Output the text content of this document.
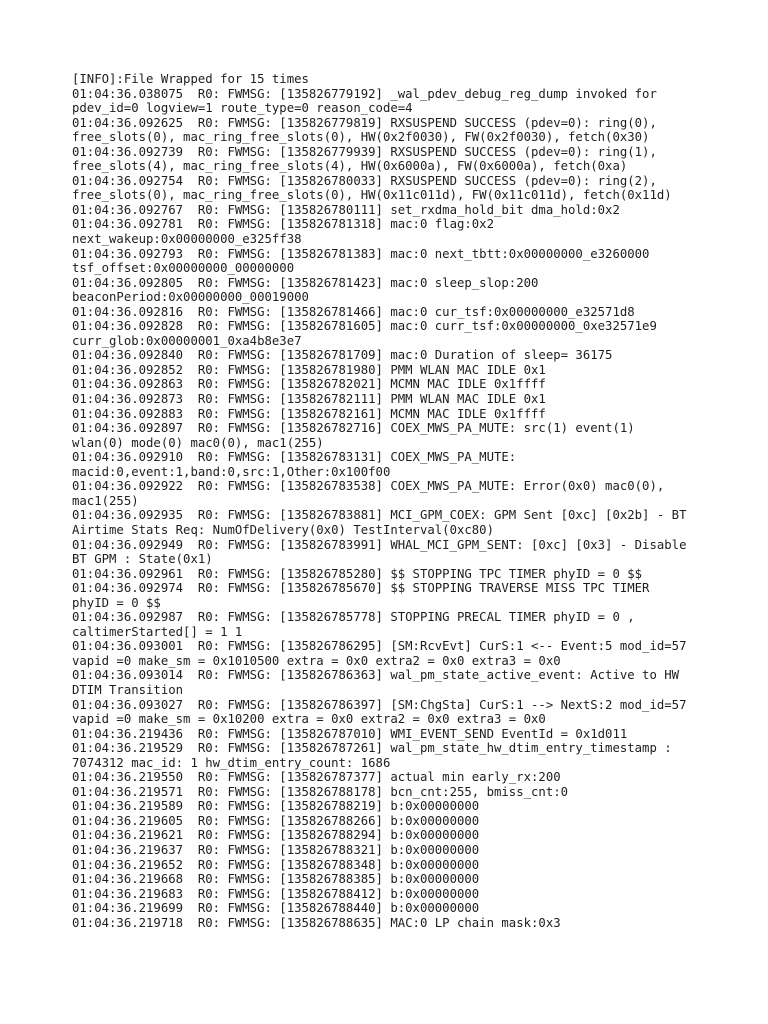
[INFO]:File Wrapped for 15 times
01:04:36.038075  R0: FWMSG: [135826779192] _wal_pdev_debug_reg_dump invoked for
pdev_id=0 logview=1 route_type=0 reason_code=4
01:04:36.092625  R0: FWMSG: [135826779819] RXSUSPEND SUCCESS (pdev=0): ring(0),
free_slots(0), mac_ring_free_slots(0), HW(0x2f0030), FW(0x2f0030), fetch(0x30)
01:04:36.092739  R0: FWMSG: [135826779939] RXSUSPEND SUCCESS (pdev=0): ring(1),
free_slots(4), mac_ring_free_slots(4), HW(0x6000a), FW(0x6000a), fetch(0xa)
01:04:36.092754  R0: FWMSG: [135826780033] RXSUSPEND SUCCESS (pdev=0): ring(2),
free_slots(0), mac_ring_free_slots(0), HW(0x11c011d), FW(0x11c011d), fetch(0x11d)
01:04:36.092767  R0: FWMSG: [135826780111] set_rxdma_hold_bit dma_hold:0x2
01:04:36.092781  R0: FWMSG: [135826781318] mac:0 flag:0x2
next_wakeup:0x00000000_e325ff38
01:04:36.092793  R0: FWMSG: [135826781383] mac:0 next_tbtt:0x00000000_e3260000
tsf_offset:0x00000000_00000000
01:04:36.092805  R0: FWMSG: [135826781423] mac:0 sleep_slop:200
beaconPeriod:0x00000000_00019000
01:04:36.092816  R0: FWMSG: [135826781466] mac:0 cur_tsf:0x00000000_e32571d8
01:04:36.092828  R0: FWMSG: [135826781605] mac:0 curr_tsf:0x00000000_0xe32571e9
curr_glob:0x00000001_0xa4b8e3e7
01:04:36.092840  R0: FWMSG: [135826781709] mac:0 Duration of sleep= 36175
01:04:36.092852  R0: FWMSG: [135826781980] PMM WLAN MAC IDLE 0x1
01:04:36.092863  R0: FWMSG: [135826782021] MCMN MAC IDLE 0x1ffff
01:04:36.092873  R0: FWMSG: [135826782111] PMM WLAN MAC IDLE 0x1
01:04:36.092883  R0: FWMSG: [135826782161] MCMN MAC IDLE 0x1ffff
01:04:36.092897  R0: FWMSG: [135826782716] COEX_MWS_PA_MUTE: src(1) event(1)
wlan(0) mode(0) mac0(0), mac1(255)
01:04:36.092910  R0: FWMSG: [135826783131] COEX_MWS_PA_MUTE:
macid:0,event:1,band:0,src:1,Other:0x100f00
01:04:36.092922  R0: FWMSG: [135826783538] COEX_MWS_PA_MUTE: Error(0x0) mac0(0),
mac1(255)
01:04:36.092935  R0: FWMSG: [135826783881] MCI_GPM_COEX: GPM Sent [0xc] [0x2b] - BT
Airtime Stats Req: NumOfDelivery(0x0) TestInterval(0xc80)
01:04:36.092949  R0: FWMSG: [135826783991] WHAL_MCI_GPM_SENT: [0xc] [0x3] - Disable
BT GPM : State(0x1)
01:04:36.092961  R0: FWMSG: [135826785280] $$ STOPPING TPC TIMER phyID = 0 $$
01:04:36.092974  R0: FWMSG: [135826785670] $$ STOPPING TRAVERSE MISS TPC TIMER
phyID = 0 $$
01:04:36.092987  R0: FWMSG: [135826785778] STOPPING PRECAL TIMER phyID = 0 ,
caltimerStarted[] = 1 1
01:04:36.093001  R0: FWMSG: [135826786295] [SM:RcvEvt] CurS:1 <-- Event:5 mod_id=57
vapid =0 make_sm = 0x1010500 extra = 0x0 extra2 = 0x0 extra3 = 0x0
01:04:36.093014  R0: FWMSG: [135826786363] wal_pm_state_active_event: Active to HW
DTIM Transition
01:04:36.093027  R0: FWMSG: [135826786397] [SM:ChgSta] CurS:1 --> NextS:2 mod_id=57
vapid =0 make_sm = 0x10200 extra = 0x0 extra2 = 0x0 extra3 = 0x0
01:04:36.219436  R0: FWMSG: [135826787010] WMI_EVENT_SEND EventId = 0x1d011
01:04:36.219529  R0: FWMSG: [135826787261] wal_pm_state_hw_dtim_entry_timestamp :
7074312 mac_id: 1 hw_dtim_entry_count: 1686
01:04:36.219550  R0: FWMSG: [135826787377] actual min early_rx:200
01:04:36.219571  R0: FWMSG: [135826788178] bcn_cnt:255, bmiss_cnt:0
01:04:36.219589  R0: FWMSG: [135826788219] b:0x00000000
01:04:36.219605  R0: FWMSG: [135826788266] b:0x00000000
01:04:36.219621  R0: FWMSG: [135826788294] b:0x00000000
01:04:36.219637  R0: FWMSG: [135826788321] b:0x00000000
01:04:36.219652  R0: FWMSG: [135826788348] b:0x00000000
01:04:36.219668  R0: FWMSG: [135826788385] b:0x00000000
01:04:36.219683  R0: FWMSG: [135826788412] b:0x00000000
01:04:36.219699  R0: FWMSG: [135826788440] b:0x00000000
01:04:36.219718  R0: FWMSG: [135826788635] MAC:0 LP chain mask:0x3
